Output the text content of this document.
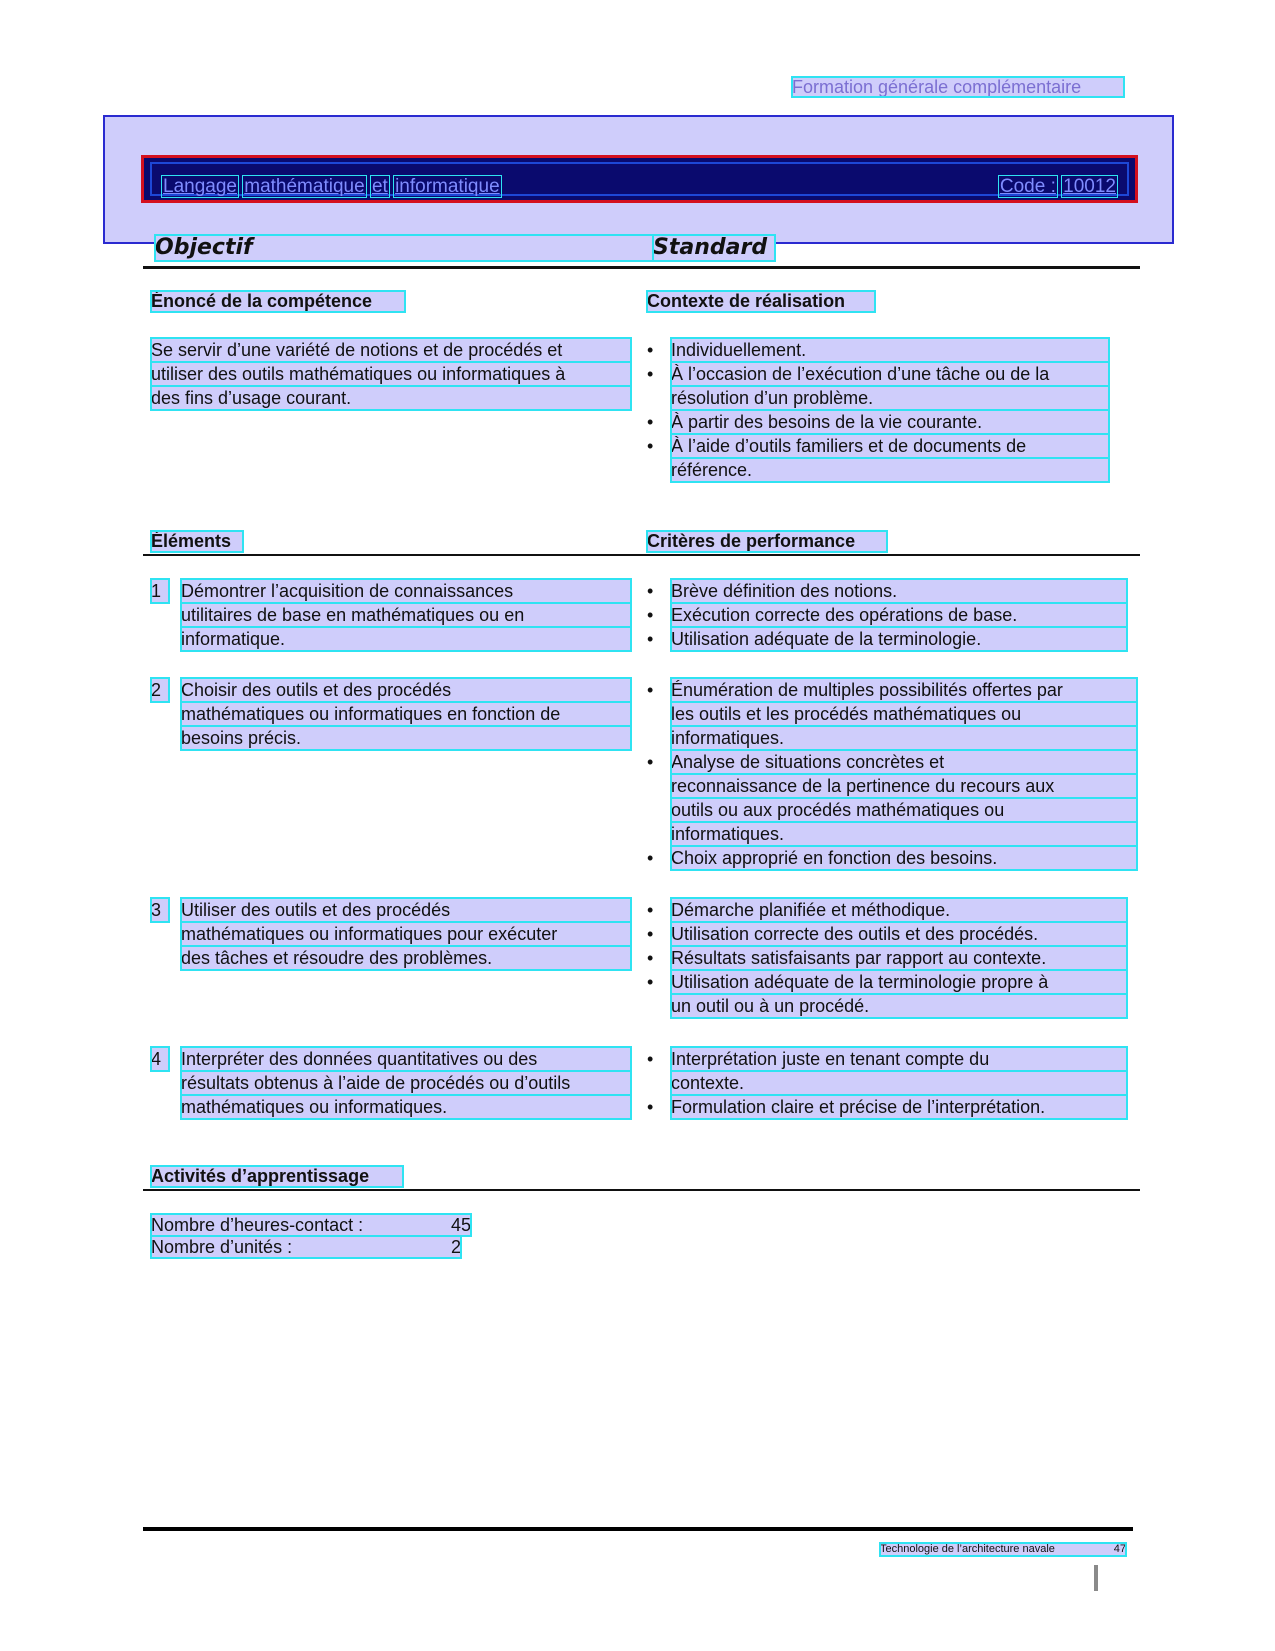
Formation générale complémentaire
Langage mathématique et informatique	Code : 10012
Objectif	Standard
Énoncé de la compétence	Contexte de réalisation
Se servir d’une variété de notions et de procédés et
utiliser des outils mathématiques ou informatiques à
des fins d’usage courant.
• Individuellement.
• À l’occasion de l’exécution d’une tâche ou de la
résolution d’un problème.
• À partir des besoins de la vie courante.
• À l’aide d’outils familiers et de documents de
référence.
Éléments	Critères de performance
1	Démontrer l’acquisition de connaissances
utilitaires de base en mathématiques ou en
informatique.
• Brève définition des notions.
• Exécution correcte des opérations de base.
• Utilisation adéquate de la terminologie.
2	Choisir des outils et des procédés
mathématiques ou informatiques en fonction de
besoins précis.
• Énumération de multiples possibilités offertes par
les outils et les procédés mathématiques ou
informatiques.
• Analyse de situations concrètes et
reconnaissance de la pertinence du recours aux
outils ou aux procédés mathématiques ou
informatiques.
• Choix approprié en fonction des besoins.
3	Utiliser des outils et des procédés
mathématiques ou informatiques pour exécuter
des tâches et résoudre des problèmes.
• Démarche planifiée et méthodique.
• Utilisation correcte des outils et des procédés.
• Résultats satisfaisants par rapport au contexte.
• Utilisation adéquate de la terminologie propre à
un outil ou à un procédé.
4	Interpréter des données quantitatives ou des
résultats obtenus à l’aide de procédés ou d’outils
mathématiques ou informatiques.
• Interprétation juste en tenant compte du
contexte.
• Formulation claire et précise de l’interprétation.
Activités d’apprentissage
Nombre d’heures-contact :	45
Nombre d’unités :	2
Technologie de l’architecture navale	47
